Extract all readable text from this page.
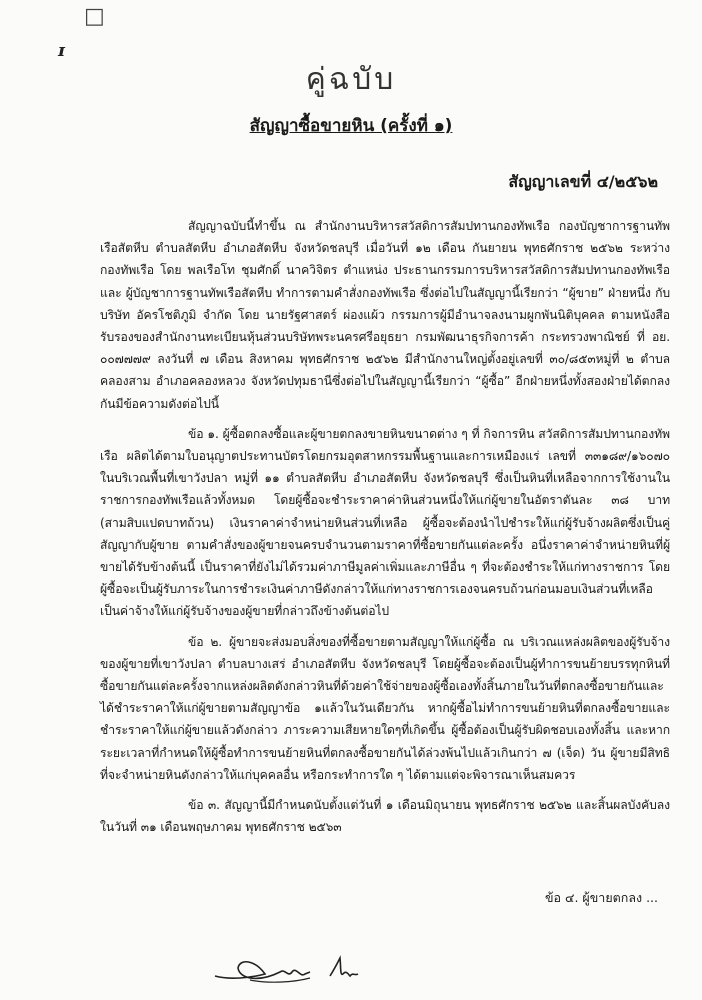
□
ɪ
คู่ฉบับ
สัญญาซื้อขายหิน (ครั้งที่ ๑)
สัญญาเลขที่ ๔/๒๕๖๒

สัญญาฉบับนี้ทำขึ้น ณ สำนักงานบริหารสวัสดิการสัมปทานกองทัพเรือ กองบัญชาการฐานทัพเรือสัตหีบ ตำบลสัตหีบ อำเภอสัตหีบ จังหวัดชลบุรี เมื่อวันที่ ๑๒ เดือน กันยายน พุทธศักราช ๒๕๖๒ ระหว่าง กองทัพเรือ โดย พลเรือโท ชุมศักดิ์ นาควิจิตร ตำแหน่ง ประธานกรรมการบริหารสวัสดิการสัมปทานกองทัพเรือ และ ผู้บัญชาการฐานทัพเรือสัตหีบ ทำการตามคำสั่งกองทัพเรือ ซึ่งต่อไปในสัญญานี้เรียกว่า “ผู้ขาย” ฝ่ายหนึ่ง กับบริษัท อัครโชติภูมิ จำกัด โดย นายรัฐศาสตร์ ผ่องแผ้ว กรรมการผู้มีอำนาจลงนามผูกพันนิติบุคคล ตามหนังสือรับรองของสำนักงานทะเบียนหุ้นส่วนบริษัทพระนครศรีอยุธยา กรมพัฒนาธุรกิจการค้า กระทรวงพาณิชย์ ที่ อย. ๐๐๗๗๗๙ ลงวันที่ ๗ เดือน สิงหาคม พุทธศักราช ๒๕๖๒ มีสำนักงานใหญ่ตั้งอยู่เลขที่ ๓๐/๘๕๓หมู่ที่ ๒ ตำบลคลองสาม อำเภอคลองหลวง จังหวัดปทุมธานีซึ่งต่อไปในสัญญานี้เรียกว่า “ผู้ซื้อ” อีกฝ่ายหนึ่งทั้งสองฝ่ายได้ตกลงกันมีข้อความดังต่อไปนี้

ข้อ ๑. ผู้ซื้อตกลงซื้อและผู้ขายตกลงขายหินขนาดต่าง ๆ ที่ กิจการหิน สวัสดิการสัมปทานกองทัพเรือ ผลิตได้ตามใบอนุญาตประทานบัตรโดยกรมอุตสาหกรรมพื้นฐานและการเหมืองแร่ เลขที่ ๓๓๑๘๙/๑๖๐๗๐ ในบริเวณพื้นที่เขาวังปลา หมู่ที่ ๑๑ ตำบลสัตหีบ อำเภอสัตหีบ จังหวัดชลบุรี ซึ่งเป็นหินที่เหลือจากการใช้งานในราชการกองทัพเรือแล้วทั้งหมด โดยผู้ซื้อจะชำระราคาค่าหินส่วนหนึ่งให้แก่ผู้ขายในอัตราตันละ ๓๘ บาท (สามสิบแปดบาทถ้วน) เงินราคาค่าจำหน่ายหินส่วนที่เหลือ ผู้ซื้อจะต้องนำไปชำระให้แก่ผู้รับจ้างผลิตซึ่งเป็นคู่สัญญากับผู้ขาย ตามคำสั่งของผู้ขายจนครบจำนวนตามราคาที่ซื้อขายกันแต่ละครั้ง อนึ่งราคาค่าจำหน่ายหินที่ผู้ขายได้รับข้างต้นนี้ เป็นราคาที่ยังไม่ได้รวมค่าภาษีมูลค่าเพิ่มและภาษีอื่น ๆ ที่จะต้องชำระให้แก่ทางราชการ โดยผู้ซื้อจะเป็นผู้รับภาระในการชำระเงินค่าภาษีดังกล่าวให้แก่ทางราชการเองจนครบถ้วนก่อนมอบเงินส่วนที่เหลือเป็นค่าจ้างให้แก่ผู้รับจ้างของผู้ขายที่กล่าวถึงข้างต้นต่อไป

ข้อ ๒. ผู้ขายจะส่งมอบสิ่งของที่ซื้อขายตามสัญญาให้แก่ผู้ซื้อ ณ บริเวณแหล่งผลิตของผู้รับจ้างของผู้ขายที่เขาวังปลา ตำบลบางเสร่ อำเภอสัตหีบ จังหวัดชลบุรี โดยผู้ซื้อจะต้องเป็นผู้ทำการขนย้ายบรรทุกหินที่ซื้อขายกันแต่ละครั้งจากแหล่งผลิตดังกล่าวหินที่ด้วยค่าใช้จ่ายของผู้ซื้อเองทั้งสิ้นภายในวันที่ตกลงซื้อขายกันและได้ชำระราคาให้แก่ผู้ขายตามสัญญาข้อ ๑แล้วในวันเดียวกัน หากผู้ซื้อไม่ทำการขนย้ายหินที่ตกลงซื้อขายและชำระราคาให้แก่ผู้ขายแล้วดังกล่าว ภาระความเสียหายใดๆที่เกิดขึ้น ผู้ซื้อต้องเป็นผู้รับผิดชอบเองทั้งสิ้น และหากระยะเวลาที่กำหนดให้ผู้ซื้อทำการขนย้ายหินที่ตกลงซื้อขายกันได้ล่วงพ้นไปแล้วเกินกว่า ๗ (เจ็ด) วัน ผู้ขายมีสิทธิที่จะจำหน่ายหินดังกล่าวให้แก่บุคคลอื่น หรือกระทำการใด ๆ ได้ตามแต่จะพิจารณาเห็นสมควร

ข้อ ๓. สัญญานี้มีกำหนดนับตั้งแต่วันที่ ๑ เดือนมิถุนายน พุทธศักราช ๒๕๖๒ และสิ้นผลบังคับลงในวันที่ ๓๑ เดือนพฤษภาคม พุทธศักราช ๒๕๖๓

ข้อ ๔. ผู้ขายตกลง ...
